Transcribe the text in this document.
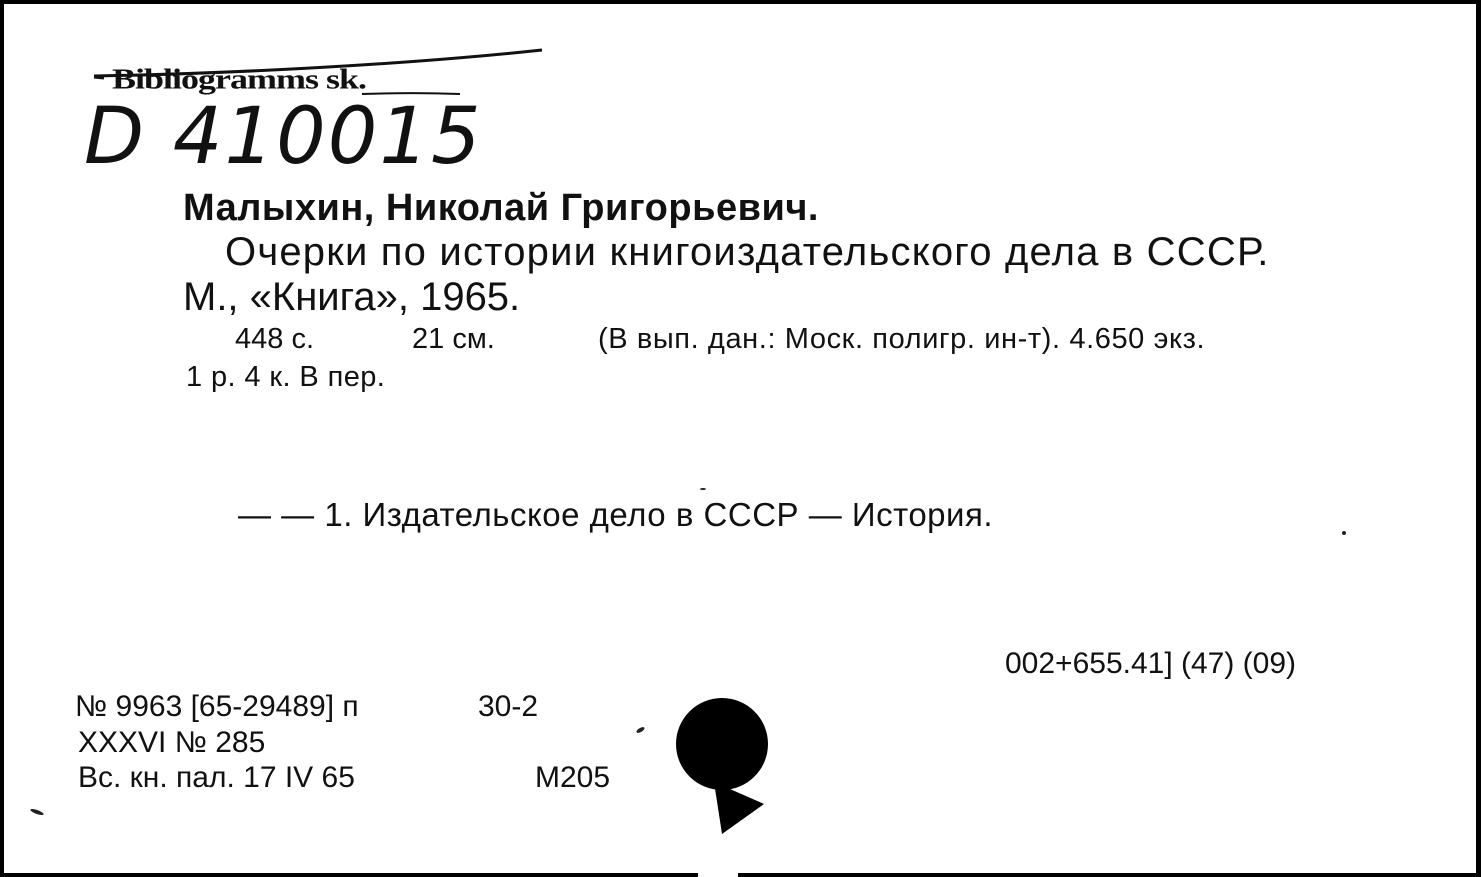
Bibliogramms sk.
D 410015
Малыхин, Николай Григорьевич.
Очерки по истории книгоиздательского дела в СССР.
М., «Книга», 1965.
448 с.	21 см.	(В вып. дан.: Моск. полигр. ин-т). 4.650 экз.
1 р. 4 к. В пер.
— — 1. Издательское дело в СССР — История.
002+655.41] (47) (09)
№ 9963 [65-29489] п	30-2
XXXVI № 285
Вс. кн. пал. 17 IV 65	М205
